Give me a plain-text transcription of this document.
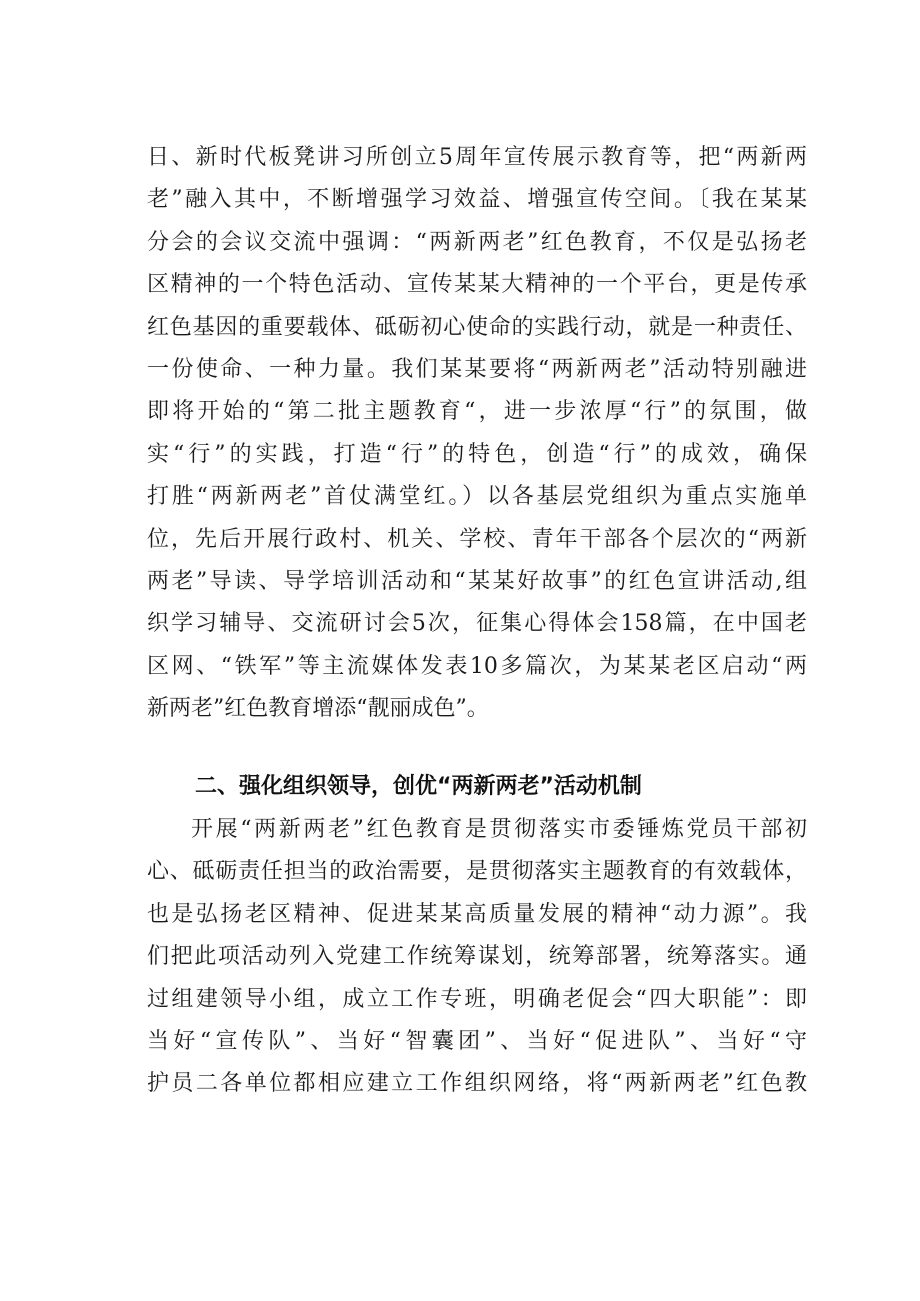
日、新时代板凳讲习所创立5周年宣传展示教育等，把“两新两
老”融入其中，不断增强学习效益、增强宣传空间。〔我在某某
分会的会议交流中强调：“两新两老”红色教育，不仅是弘扬老
区精神的一个特色活动、宣传某某大精神的一个平台，更是传承
红色基因的重要载体、砥砺初心使命的实践行动，就是一种责任、
一份使命、一种力量。我们某某要将“两新两老”活动特别融进
即将开始的“第二批主题教育“，进一步浓厚“行”的氛围，做
实“行”的实践，打造“行”的特色，创造“行”的成效，确保
打胜“两新两老”首仗满堂红。）以各基层党组织为重点实施单
位，先后开展行政村、机关、学校、青年干部各个层次的“两新
两老”导读、导学培训活动和“某某好故事”的红色宣讲活动,组
织学习辅导、交流研讨会5次，征集心得体会158篇，在中国老
区网、“铁军”等主流媒体发表10多篇次，为某某老区启动“两
新两老”红色教育增添“靓丽成色”。
二、强化组织领导，创优“两新两老”活动机制
开展“两新两老”红色教育是贯彻落实市委锤炼党员干部初
心、砥砺责任担当的政治需要，是贯彻落实主题教育的有效载体，
也是弘扬老区精神、促进某某高质量发展的精神“动力源”。我
们把此项活动列入党建工作统筹谋划，统筹部署，统筹落实。通
过组建领导小组，成立工作专班，明确老促会“四大职能”：即
当好“宣传队”、当好“智囊团”、当好“促进队”、当好“守
护员二各单位都相应建立工作组织网络，将“两新两老”红色教
